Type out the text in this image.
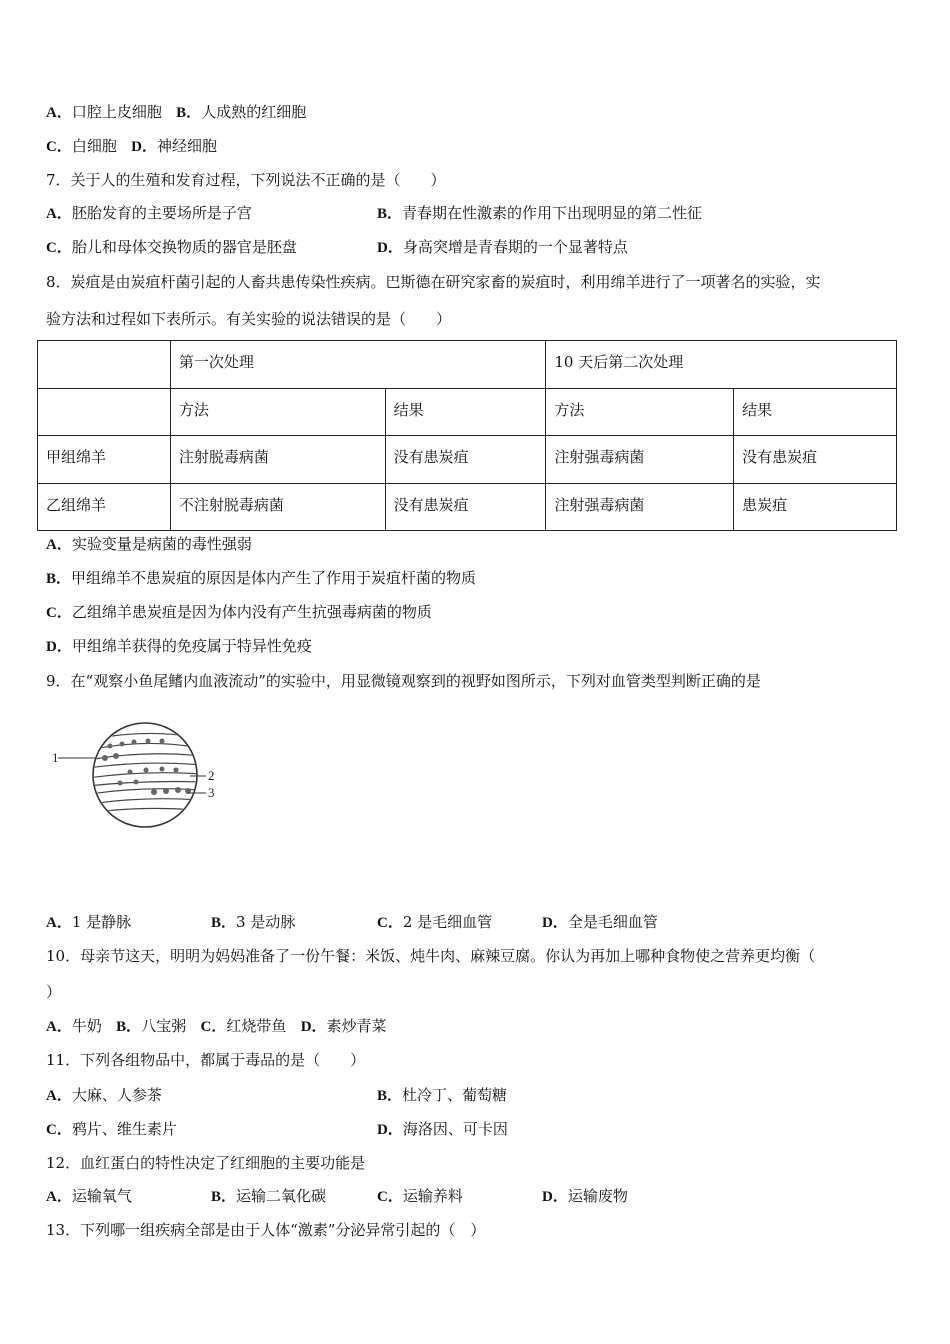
A．口腔上皮细胞 B．人成熟的红细胞
C．白细胞 D．神经细胞
7．关于人的生殖和发育过程，下列说法不正确的是（　　）
A．胚胎发育的主要场所是子宫	B．青春期在性激素的作用下出现明显的第二性征
C．胎儿和母体交换物质的器官是胚盘	D．身高突增是青春期的一个显著特点
8．炭疽是由炭疽杆菌引起的人畜共患传染性疾病。巴斯德在研究家畜的炭疽时，利用绵羊进行了一项著名的实验，实
验方法和过程如下表所示。有关实验的说法错误的是（　　）
	第一次处理		10 天后第二次处理	
	方法	结果	方法	结果
甲组绵羊	注射脱毒病菌	没有患炭疽	注射强毒病菌	没有患炭疽
乙组绵羊	不注射脱毒病菌	没有患炭疽	注射强毒病菌	患炭疽
A．实验变量是病菌的毒性强弱
B．甲组绵羊不患炭疽的原因是体内产生了作用于炭疽杆菌的物质
C．乙组绵羊患炭疽是因为体内没有产生抗强毒病菌的物质
D．甲组绵羊获得的免疫属于特异性免疫
9．在“观察小鱼尾鳍内血液流动”的实验中，用显微镜观察到的视野如图所示，下列对血管类型判断正确的是
1
2
3
A．1 是静脉	B．3 是动脉	C．2 是毛细血管	D．全是毛细血管
10．母亲节这天，明明为妈妈准备了一份午餐：米饭、炖牛肉、麻辣豆腐。你认为再加上哪种食物使之营养更均衡（
）
A．牛奶 B．八宝粥 C．红烧带鱼 D．素炒青菜
11．下列各组物品中，都属于毒品的是（　　）
A．大麻、人参茶	B．杜冷丁、葡萄糖
C．鸦片、维生素片	D．海洛因、可卡因
12．血红蛋白的特性决定了红细胞的主要功能是
A．运输氧气	B．运输二氧化碳	C．运输养料	D．运输废物
13．下列哪一组疾病全部是由于人体“激素”分泌异常引起的（　）
